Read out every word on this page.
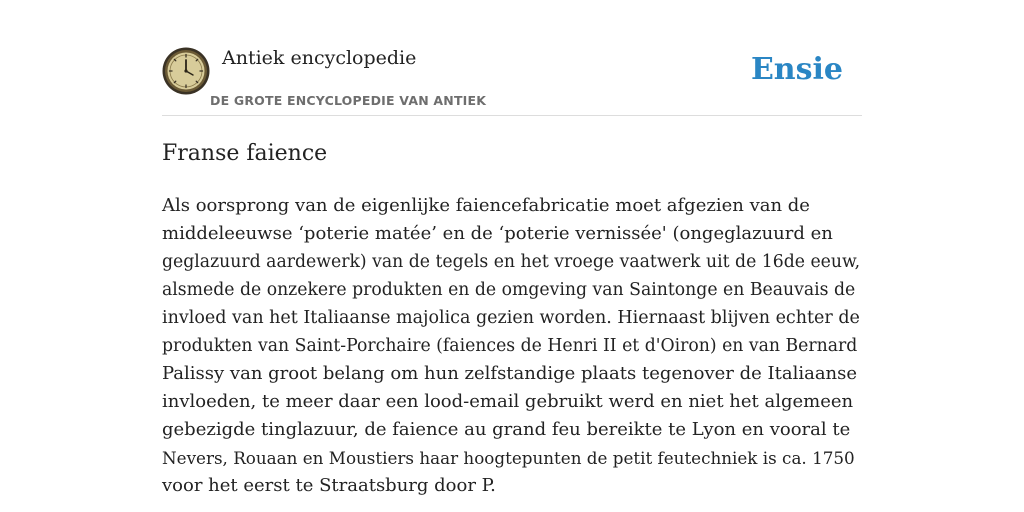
Antiek encyclopedie
DE GROTE ENCYCLOPEDIE VAN ANTIEK
Ensie
Franse faience

Als oorsprong van de eigenlijke faiencefabricatie moet afgezien van de
middeleeuwse ‘poterie matée’ en de ‘poterie vernissée' (ongeglazuurd en
geglazuurd aardewerk) van de tegels en het vroege vaatwerk uit de 16de eeuw,
alsmede de onzekere produkten en de omgeving van Saintonge en Beauvais de
invloed van het Italiaanse majolica gezien worden. Hiernaast blijven echter de
produkten van Saint-Porchaire (faiences de Henri II et d'Oiron) en van Bernard
Palissy van groot belang om hun zelfstandige plaats tegenover de Italiaanse
invloeden, te meer daar een lood-email gebruikt werd en niet het algemeen
gebezigde tinglazuur, de faience au grand feu bereikte te Lyon en vooral te
Nevers, Rouaan en Moustiers haar hoogtepunten de petit feutechniek is ca. 1750
voor het eerst te Straatsburg door P.
